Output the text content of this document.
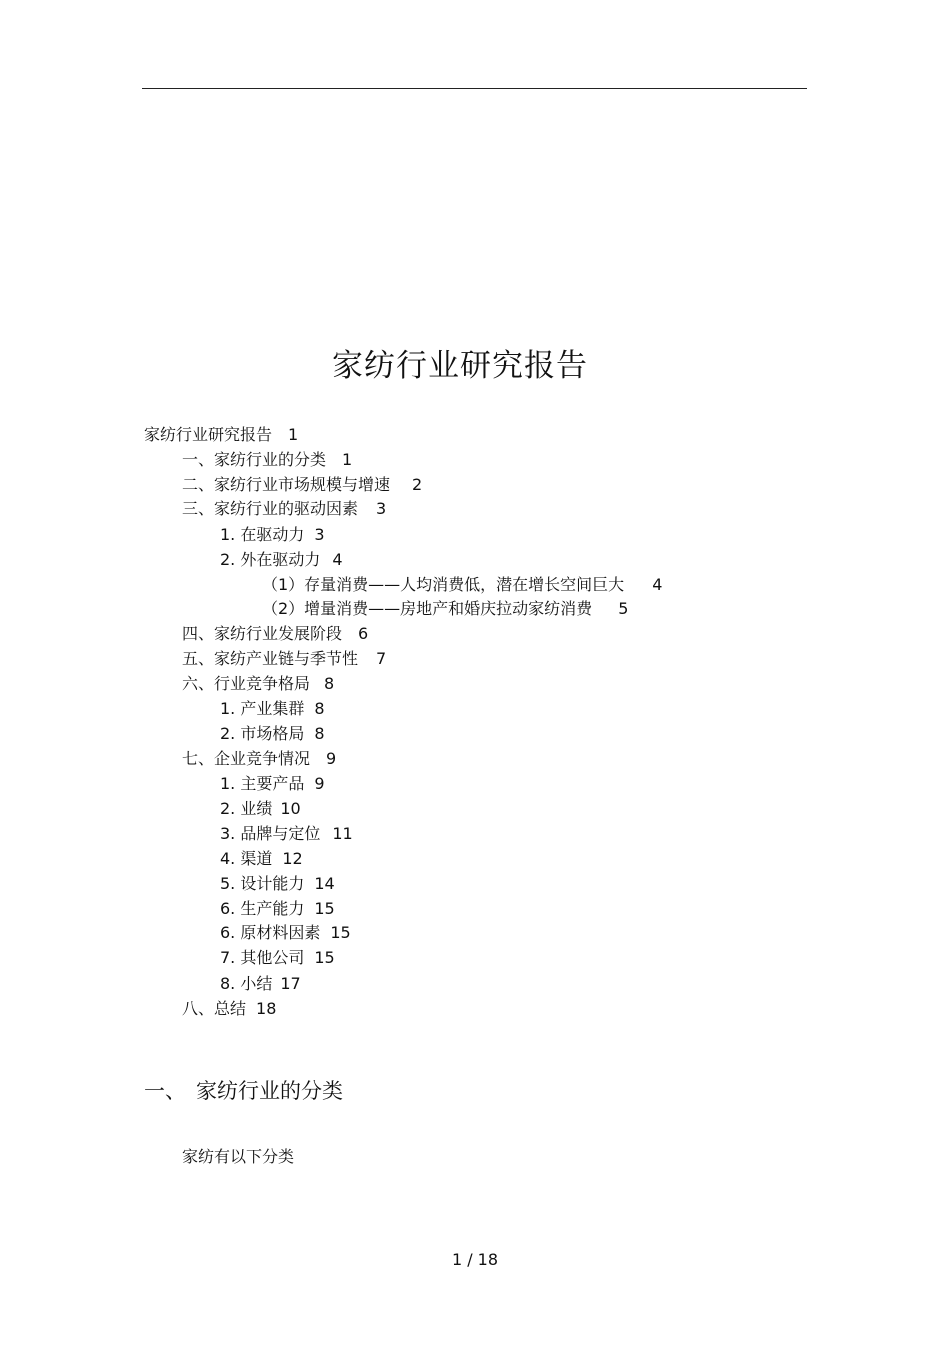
家纺行业研究报告
家纺行业研究报告 1
一、家纺行业的分类 1
二、家纺行业市场规模与增速 2
三、家纺行业的驱动因素 3
1. 在驱动力 3
2. 外在驱动力 4
（1）存量消费——人均消费低，潜在增长空间巨大 4
（2）增量消费——房地产和婚庆拉动家纺消费 5
四、家纺行业发展阶段 6
五、家纺产业链与季节性 7
六、行业竞争格局 8
1. 产业集群 8
2. 市场格局 8
七、企业竞争情况 9
1. 主要产品 9
2. 业绩 10
3. 品牌与定位 11
4. 渠道 12
5. 设计能力 14
6. 生产能力 15
6. 原材料因素 15
7. 其他公司 15
8. 小结 17
八、总结 18
一、 家纺行业的分类
家纺有以下分类
1 / 18
